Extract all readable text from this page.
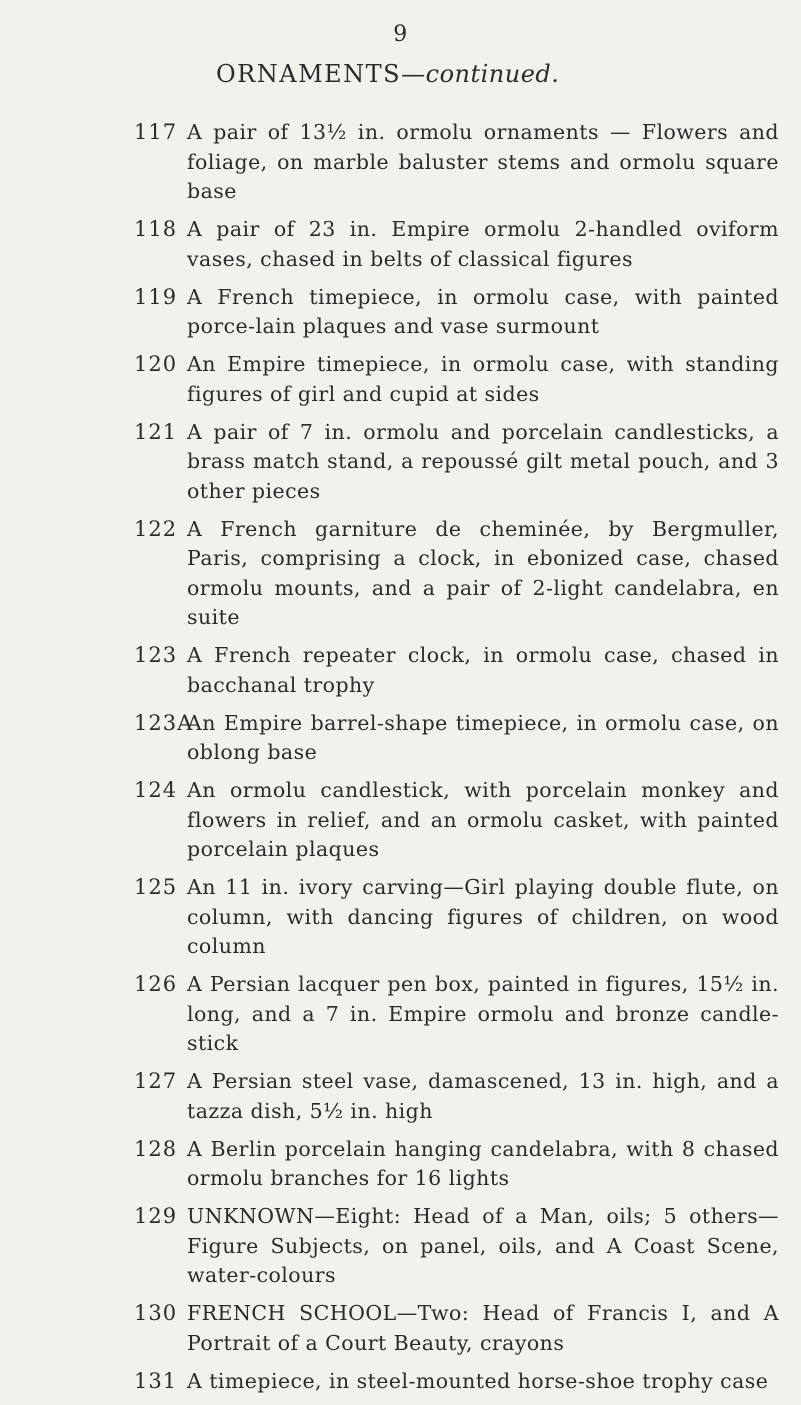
9
ORNAMENTS—continued.
117 A pair of 13½ in. ormolu ornaments — Flowers and foliage, on marble baluster stems and ormolu square base
118 A pair of 23 in. Empire ormolu 2-handled oviform vases, chased in belts of classical figures
119 A French timepiece, in ormolu case, with painted porce-lain plaques and vase surmount
120 An Empire timepiece, in ormolu case, with standing figures of girl and cupid at sides
121 A pair of 7 in. ormolu and porcelain candlesticks, a brass match stand, a repoussé gilt metal pouch, and 3 other pieces
122 A French garniture de cheminée, by Bergmuller, Paris, comprising a clock, in ebonized case, chased ormolu mounts, and a pair of 2-light candelabra, en suite
123 A French repeater clock, in ormolu case, chased in bacchanal trophy
123A
An Empire barrel-shape timepiece, in ormolu case, on oblong base
124 An ormolu candlestick, with porcelain monkey and flowers in relief, and an ormolu casket, with painted porcelain plaques
125 An 11 in. ivory carving—Girl playing double flute, on column, with dancing figures of children, on wood column
126 A Persian lacquer pen box, painted in figures, 15½ in. long, and a 7 in. Empire ormolu and bronze candle-stick
127 A Persian steel vase, damascened, 13 in. high, and a tazza dish, 5½ in. high
128 A Berlin porcelain hanging candelabra, with 8 chased ormolu branches for 16 lights
129 UNKNOWN—Eight: Head of a Man, oils; 5 others—Figure Subjects, on panel, oils, and A Coast Scene, water-colours
130 FRENCH SCHOOL—Two: Head of Francis I, and A Portrait of a Court Beauty, crayons
131 A timepiece, in steel-mounted horse-shoe trophy case
